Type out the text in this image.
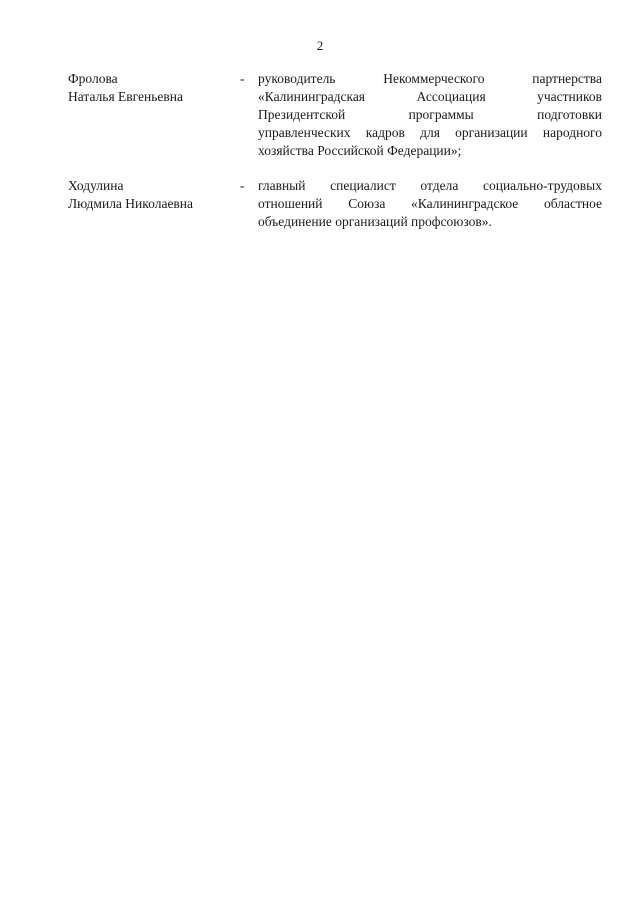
2
Фролова
Наталья Евгеньевна
-	руководитель Некоммерческого партнерства
«Калининградская Ассоциация участников
Президентской программы подготовки
управленческих кадров для организации народного
хозяйства Российской Федерации»;
Ходулина
Людмила Николаевна
-	главный специалист отдела социально-трудовых
отношений Союза «Калининградское областное
объединение организаций профсоюзов».
